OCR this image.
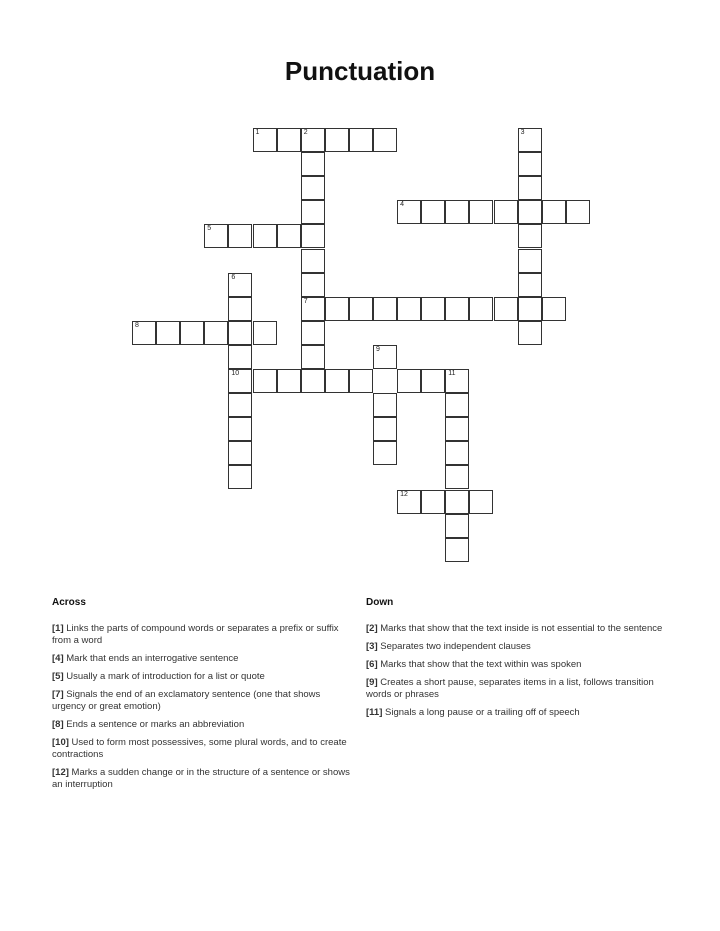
Punctuation
1	2	3
7
4
5
6
10
8
11
9
12
Across
[1] Links the parts of compound words or separates a prefix or suffix from a word
[4] Mark that ends an interrogative sentence
[5] Usually a mark of introduction for a list or quote
[7] Signals the end of an exclamatory sentence (one that shows urgency or great emotion)
[8] Ends a sentence or marks an abbreviation
[10] Used to form most possessives, some plural words, and to create contractions
[12] Marks a sudden change or in the structure of a sentence or shows an interruption
Down
[2] Marks that show that the text inside is not essential to the sentence
[3] Separates two independent clauses
[6] Marks that show that the text within was spoken
[9] Creates a short pause, separates items in a list, follows transition words or phrases
[11] Signals a long pause or a trailing off of speech
